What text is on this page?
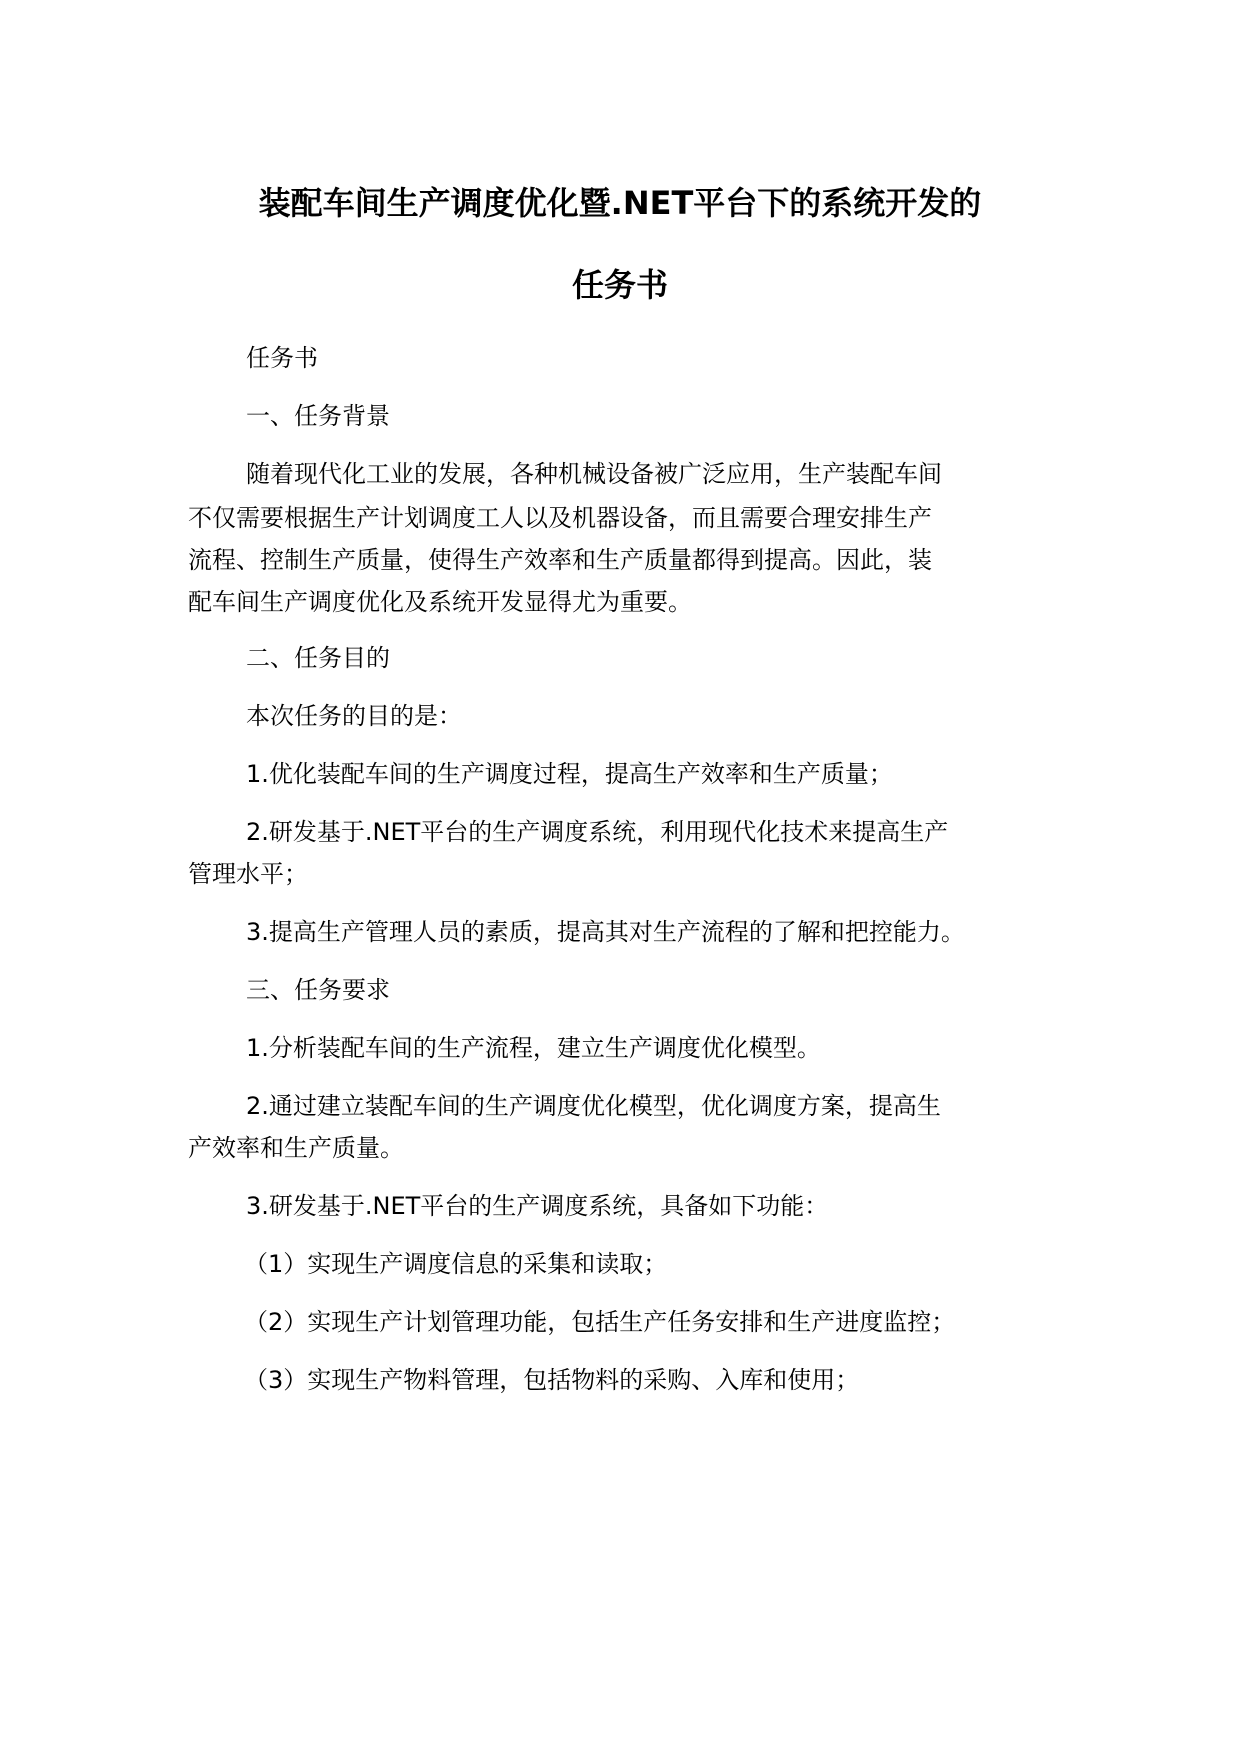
装配车间生产调度优化暨.NET平台下的系统开发的
任务书
任务书
一、任务背景
随着现代化工业的发展，各种机械设备被广泛应用，生产装配车间
不仅需要根据生产计划调度工人以及机器设备，而且需要合理安排生产
流程、控制生产质量，使得生产效率和生产质量都得到提高。因此，装
配车间生产调度优化及系统开发显得尤为重要。
二、任务目的
本次任务的目的是：
1.优化装配车间的生产调度过程，提高生产效率和生产质量；
2.研发基于.NET平台的生产调度系统，利用现代化技术来提高生产
管理水平；
3.提高生产管理人员的素质，提高其对生产流程的了解和把控能力。
三、任务要求
1.分析装配车间的生产流程，建立生产调度优化模型。
2.通过建立装配车间的生产调度优化模型，优化调度方案，提高生
产效率和生产质量。
3.研发基于.NET平台的生产调度系统，具备如下功能：
（1）实现生产调度信息的采集和读取；
（2）实现生产计划管理功能，包括生产任务安排和生产进度监控；
（3）实现生产物料管理，包括物料的采购、入库和使用；
